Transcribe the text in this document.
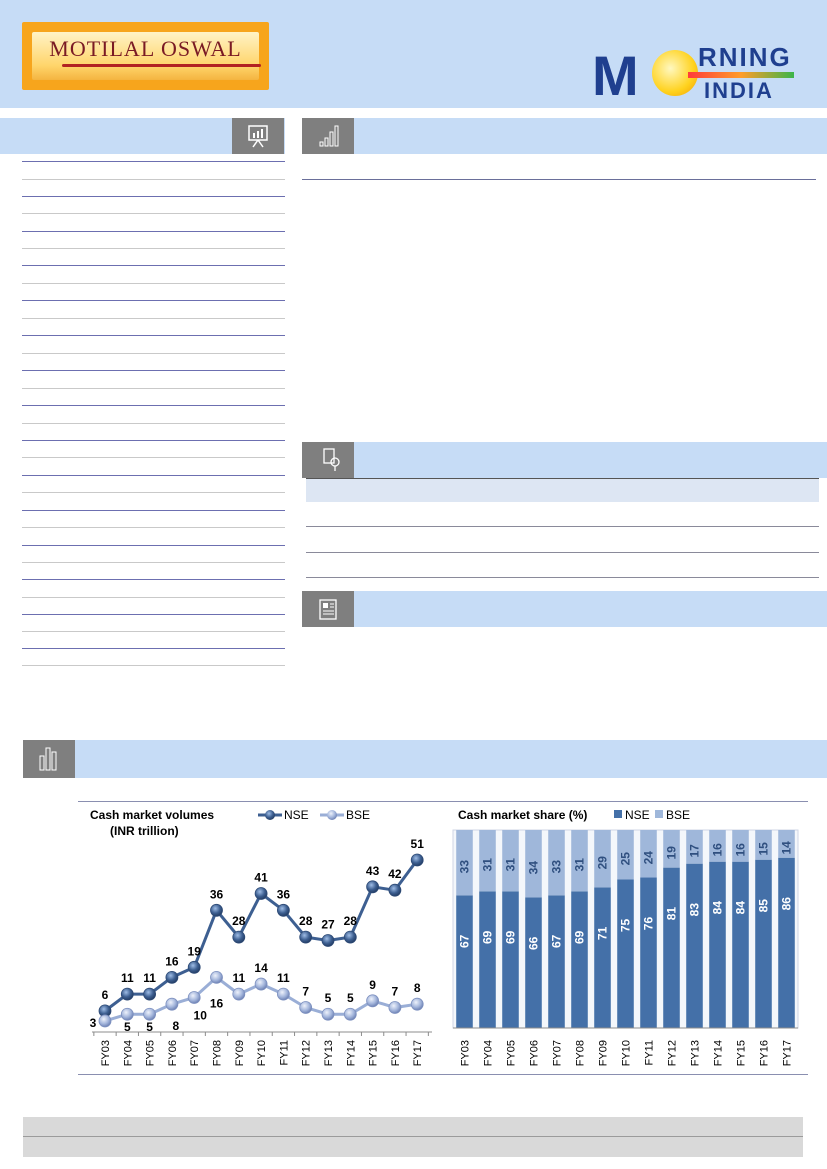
MOTILAL OSWAL	M RNING
INDIA
Cash market volumes
(INR trillion)
NSE	BSE
FY03 FY04 FY05 FY06 FY07 FY08 FY09 FY10 FY11 FY12 FY13 FY14 FY15 FY16 FY17
6
11 11
16
19
36
28
41
36
28 27 28
43 42
51
3 5 5 8
10
16
11
14
11
7 5 5
9 7 8
Cash market share (%)	NSE BSE
67
33
FY03
69
31
FY04
69
31
FY05
66
34
FY06
67
33
FY07
69
31
FY08
71
29
FY09
75
25
FY10
76
24
FY11
81
19
FY12
83
17
FY13
84
16
FY14
84
16
FY15
85
15
FY16
86
14
FY17
